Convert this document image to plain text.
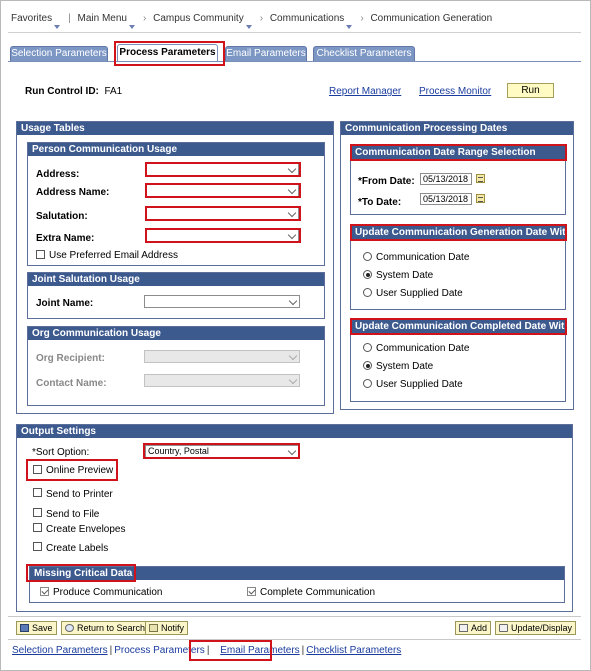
Favorites | Main Menu › Campus Community › Communications › Communication Generation
Selection Parameters Process Parameters Email Parameters	Checklist Parameters
Run Control ID: FA1	Report Manager Process Monitor	Run
Usage Tables
Person Communication Usage
Address:
Address Name:
Salutation:
Extra Name:
Use Preferred Email Address
Joint Salutation Usage
Joint Name:
Org Communication Usage
Org Recipient:
Contact Name:
Communication Processing Dates
Communication Date Range Selection
*From Date: 05/13/2018
*To Date:	05/13/2018
Update Communication Generation Date With
Communication Date
System Date
User Supplied Date
Update Communication Completed Date With
Communication Date
System Date
User Supplied Date
Output Settings
*Sort Option:	Country, Postal
Online Preview
Send to Printer
Send to File
Create Envelopes
Create Labels
Missing Critical Data
Produce Communication	Complete Communication
Save	Return to Search	Notify	Add	Update/Display
Selection Parameters | Process Parameters | Email Parameters | Checklist Parameters
